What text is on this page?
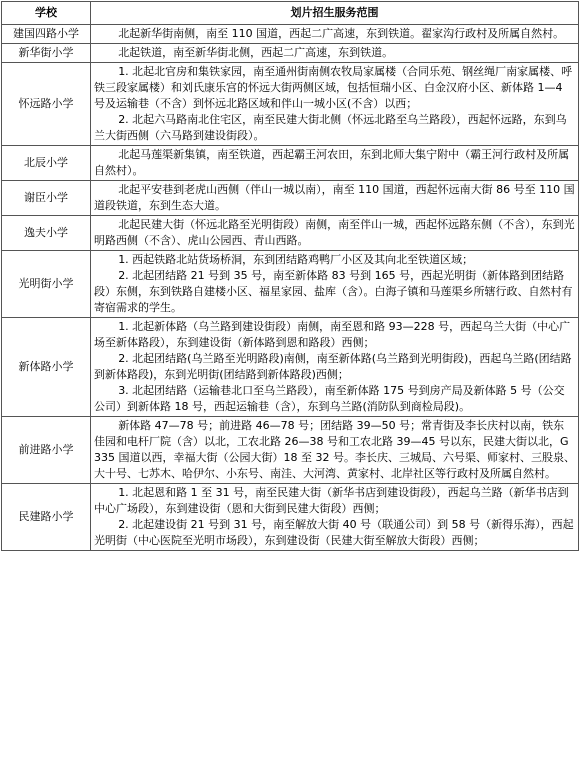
学校	划片招生服务范围
建国四路小学	北起新华街南侧，南至 110 国道，西起二广高速，东到铁道。翟家沟行政村及所属自然村。

新华街小学	北起铁道，南至新华街北侧，西起二广高速，东到铁道。

怀远路小学	1. 北起北官房和集铁家园，南至通州街南侧农牧局家属楼（合同乐苑、钢丝绳厂南家属楼、呼铁三段家属楼）和刘氏康乐宫的怀远大街两侧区域，包括恒瑞小区、白金汉府小区、新体路 1—4 号及运输巷（不含）到怀远北路区域和伴山一城小区(不含）以西；

2. 北起六马路南北住宅区，南至民建大街北侧（怀远北路至乌兰路段），西起怀远路，东到乌兰大街西侧（六马路到建设街段）。

北辰小学	北起马莲渠新集镇，南至铁道，西起霸王河农田，东到北师大集宁附中（霸王河行政村及所属自然村）。

谢臣小学	北起平安巷到老虎山西侧（伴山一城以南），南至 110 国道，西起怀远南大街 86 号至 110 国道段铁道，东到生态大道。

逸夫小学	北起民建大街（怀远北路至光明街段）南侧，南至伴山一城，西起怀远路东侧（不含），东到光明路西侧（不含）、虎山公园西、青山西路。

光明街小学	1. 西起铁路北站货场桥洞，东到团结路鸡鸭厂小区及其向北至铁道区域；

2. 北起团结路 21 号到 35 号，南至新体路 83 号到 165 号，西起光明街（新体路到团结路段）东侧，东到铁路自建楼小区、福星家园、盐库（含）。白海子镇和马莲渠乡所辖行政、自然村有寄宿需求的学生。

新体路小学	1. 北起新体路（乌兰路到建设街段）南侧，南至恩和路 93—228 号，西起乌兰大街（中心广场至新体路段），东到建设街（新体路到恩和路段）西侧；

2. 北起团结路(乌兰路至光明路段)南侧，南至新体路(乌兰路到光明街段)，西起乌兰路(团结路到新体路段)，东到光明街(团结路到新体路段)西侧；

3. 北起团结路（运输巷北口至乌兰路段），南至新体路 175 号到房产局及新体路 5 号（公交公司）到新体路 18 号，西起运输巷（含），东到乌兰路(消防队到商检局段)。

前进路小学	新体路 47—78 号；前进路 46—78 号；团结路 39—50 号；常青街及李长庆村以南，铁东佳园和电杆厂院（含）以北，工农北路 26—38 号和工农北路 39—45 号以东，民建大街以北，G335 国道以西，幸福大街（公园大街）18 至 32 号。李长庆、三城局、六号渠、师家村、三股泉、大十号、七苏木、哈伊尔、小东号、南洼、大河湾、黄家村、北岸社区等行政村及所属自然村。

民建路小学	1. 北起恩和路 1 至 31 号，南至民建大街（新华书店到建设街段），西起乌兰路（新华书店到中心广场段），东到建设街（恩和大街到民建大街段）西侧；

2. 北起建设街 21 号到 31 号，南至解放大街 40 号（联通公司）到 58 号（新得乐海），西起光明街（中心医院至光明市场段），东到建设街（民建大街至解放大街段）西侧；
